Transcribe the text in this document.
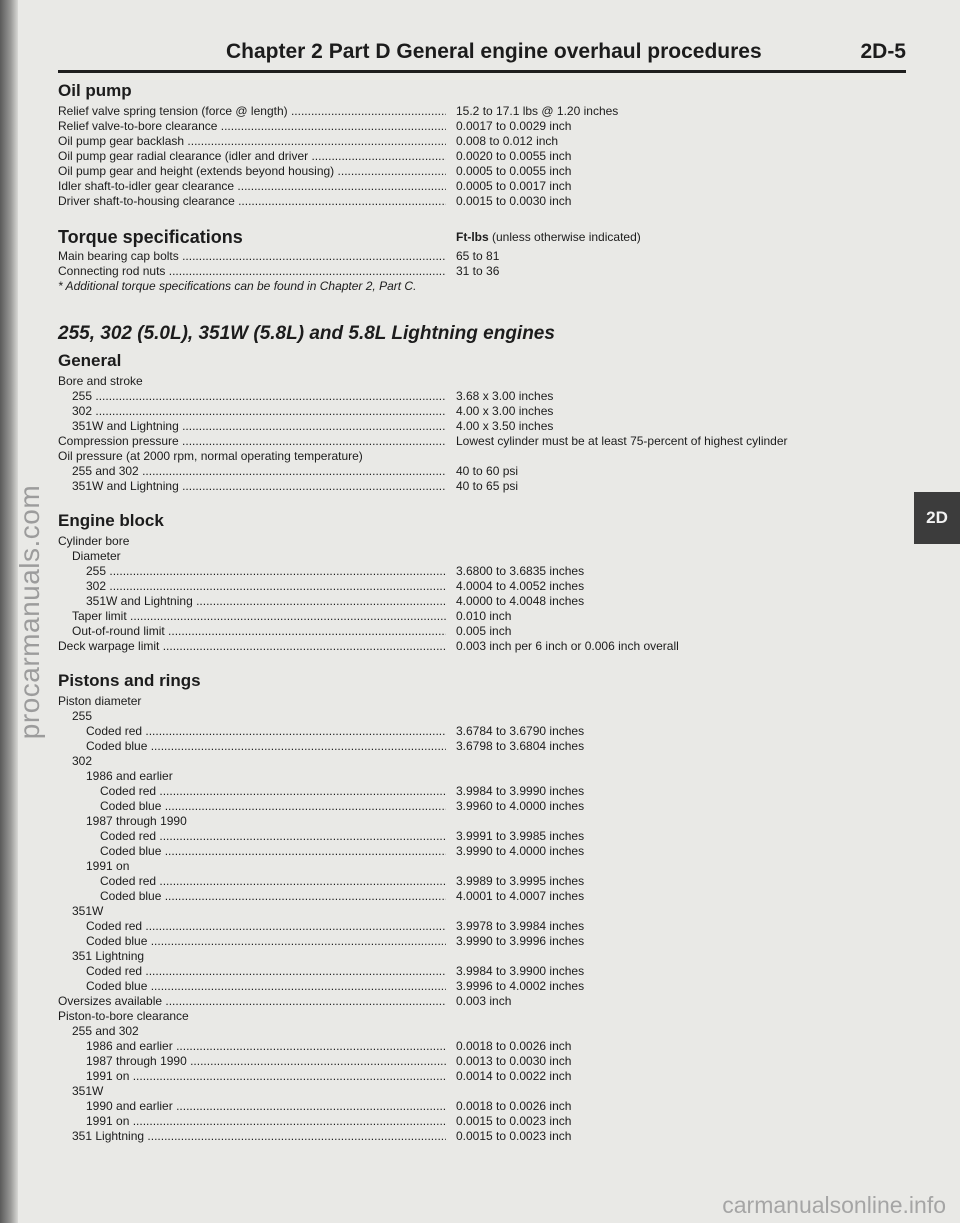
procarmanuals.com
carmanualsonline.info
2D
Chapter 2 Part D General engine overhaul procedures	2D-5
Oil pump
Relief valve spring tension (force @ length) .....	15.2 to 17.1 lbs @ 1.20 inches
Relief valve-to-bore clearance .....	0.0017 to 0.0029 inch
Oil pump gear backlash .....	0.008 to 0.012 inch
Oil pump gear radial clearance (idler and driver .....	0.0020 to 0.0055 inch
Oil pump gear and height (extends beyond housing) .....	0.0005 to 0.0055 inch
Idler shaft-to-idler gear clearance .....	0.0005 to 0.0017 inch
Driver shaft-to-housing clearance .....	0.0015 to 0.0030 inch
Torque specifications	Ft-lbs (unless otherwise indicated)
Main bearing cap bolts .....	65 to 81
Connecting rod nuts .....	31 to 36
* Additional torque specifications can be found in Chapter 2, Part C.
255, 302 (5.0L), 351W (5.8L) and 5.8L Lightning engines
General
Bore and stroke
255 .....	3.68 x 3.00 inches
302 .....	4.00 x 3.00 inches
351W and Lightning .....	4.00 x 3.50 inches
Compression pressure .....	Lowest cylinder must be at least 75-percent of highest cylinder
Oil pressure (at 2000 rpm, normal operating temperature)
255 and 302 .....	40 to 60 psi
351W and Lightning .....	40 to 65 psi
Engine block
Cylinder bore
Diameter
255 .....	3.6800 to 3.6835 inches
302 .....	4.0004 to 4.0052 inches
351W and Lightning .....	4.0000 to 4.0048 inches
Taper limit .....	0.010 inch
Out-of-round limit .....	0.005 inch
Deck warpage limit .....	0.003 inch per 6 inch or 0.006 inch overall
Pistons and rings
Piston diameter
255
Coded red .....	3.6784 to 3.6790 inches
Coded blue .....	3.6798 to 3.6804 inches
302
1986 and earlier
Coded red .....	3.9984 to 3.9990 inches
Coded blue .....	3.9960 to 4.0000 inches
1987 through 1990
Coded red .....	3.9991 to 3.9985 inches
Coded blue .....	3.9990 to 4.0000 inches
1991 on
Coded red .....	3.9989 to 3.9995 inches
Coded blue .....	4.0001 to 4.0007 inches
351W
Coded red .....	3.9978 to 3.9984 inches
Coded blue .....	3.9990 to 3.9996 inches
351 Lightning
Coded red .....	3.9984 to 3.9900 inches
Coded blue .....	3.9996 to 4.0002 inches
Oversizes available .....	0.003 inch
Piston-to-bore clearance
255 and 302
1986 and earlier .....	0.0018 to 0.0026 inch
1987 through 1990 .....	0.0013 to 0.0030 inch
1991 on .....	0.0014 to 0.0022 inch
351W
1990 and earlier .....	0.0018 to 0.0026 inch
1991 on .....	0.0015 to 0.0023 inch
351 Lightning .....	0.0015 to 0.0023 inch
